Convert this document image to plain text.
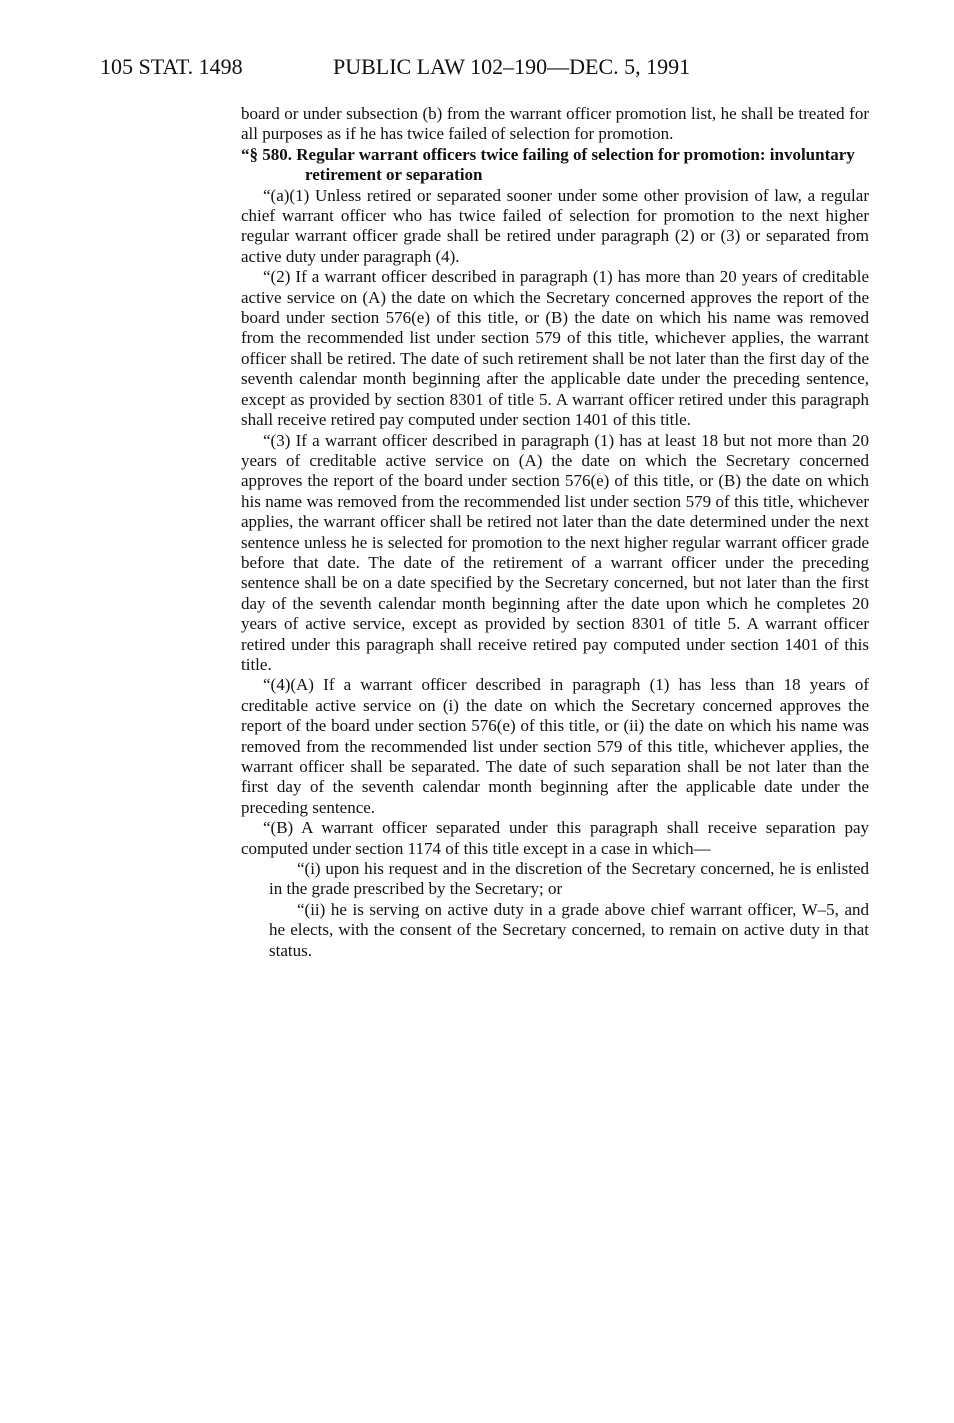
105 STAT. 1498	PUBLIC LAW 102–190—DEC. 5, 1991

board or under subsection (b) from the warrant officer promotion list, he shall be treated for all purposes as if he has twice failed of selection for promotion.

“§ 580. Regular warrant officers twice failing of selection for promotion: involuntary retirement or separation

“(a)(1) Unless retired or separated sooner under some other provision of law, a regular chief warrant officer who has twice failed of selection for promotion to the next higher regular warrant officer grade shall be retired under paragraph (2) or (3) or separated from active duty under paragraph (4).

“(2) If a warrant officer described in paragraph (1) has more than 20 years of creditable active service on (A) the date on which the Secretary concerned approves the report of the board under section 576(e) of this title, or (B) the date on which his name was removed from the recommended list under section 579 of this title, whichever applies, the warrant officer shall be retired. The date of such retirement shall be not later than the first day of the seventh calendar month beginning after the applicable date under the preceding sentence, except as provided by section 8301 of title 5. A warrant officer retired under this paragraph shall receive retired pay computed under section 1401 of this title.

“(3) If a warrant officer described in paragraph (1) has at least 18 but not more than 20 years of creditable active service on (A) the date on which the Secretary concerned approves the report of the board under section 576(e) of this title, or (B) the date on which his name was removed from the recommended list under section 579 of this title, whichever applies, the warrant officer shall be retired not later than the date determined under the next sentence unless he is selected for promotion to the next higher regular warrant officer grade before that date. The date of the retirement of a warrant officer under the preceding sentence shall be on a date specified by the Secretary concerned, but not later than the first day of the seventh calendar month beginning after the date upon which he completes 20 years of active service, except as provided by section 8301 of title 5. A warrant officer retired under this paragraph shall receive retired pay computed under section 1401 of this title.

“(4)(A) If a warrant officer described in paragraph (1) has less than 18 years of creditable active service on (i) the date on which the Secretary concerned approves the report of the board under section 576(e) of this title, or (ii) the date on which his name was removed from the recommended list under section 579 of this title, whichever applies, the warrant officer shall be separated. The date of such separation shall be not later than the first day of the seventh calendar month beginning after the applicable date under the preceding sentence.

“(B) A warrant officer separated under this paragraph shall receive separation pay computed under section 1174 of this title except in a case in which—

“(i) upon his request and in the discretion of the Secretary concerned, he is enlisted in the grade prescribed by the Secretary; or

“(ii) he is serving on active duty in a grade above chief warrant officer, W–5, and he elects, with the consent of the Secretary concerned, to remain on active duty in that status.
